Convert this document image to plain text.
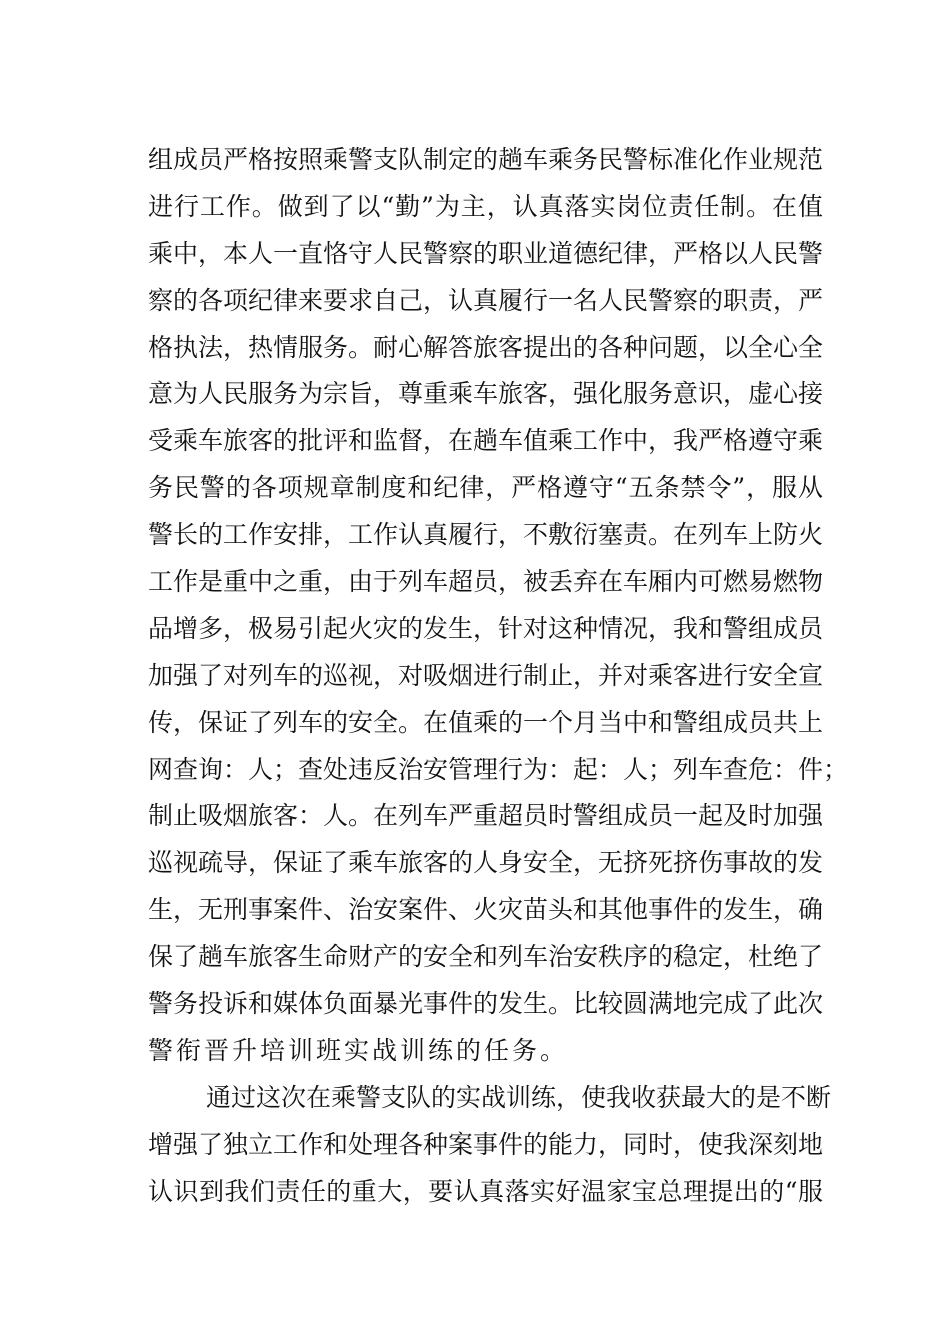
组成员严格按照乘警支队制定的趟车乘务民警标准化作业规范
进行工作。做到了以“勤”为主，认真落实岗位责任制。在值
乘中，本人一直恪守人民警察的职业道德纪律，严格以人民警
察的各项纪律来要求自己，认真履行一名人民警察的职责，严
格执法，热情服务。耐心解答旅客提出的各种问题，以全心全
意为人民服务为宗旨，尊重乘车旅客，强化服务意识，虚心接
受乘车旅客的批评和监督，在趟车值乘工作中，我严格遵守乘
务民警的各项规章制度和纪律，严格遵守“五条禁令”，服从
警长的工作安排，工作认真履行，不敷衍塞责。在列车上防火
工作是重中之重，由于列车超员，被丢弃在车厢内可燃易燃物
品增多，极易引起火灾的发生，针对这种情况，我和警组成员
加强了对列车的巡视，对吸烟进行制止，并对乘客进行安全宣
传，保证了列车的安全。在值乘的一个月当中和警组成员共上
网查询：人；查处违反治安管理行为：起：人；列车查危：件；
制止吸烟旅客：人。在列车严重超员时警组成员一起及时加强
巡视疏导，保证了乘车旅客的人身安全，无挤死挤伤事故的发
生，无刑事案件、治安案件、火灾苗头和其他事件的发生，确
保了趟车旅客生命财产的安全和列车治安秩序的稳定，杜绝了
警务投诉和媒体负面暴光事件的发生。比较圆满地完成了此次
警衔晋升培训班实战训练的任务。
通过这次在乘警支队的实战训练，使我收获最大的是不断
增强了独立工作和处理各种案事件的能力，同时，使我深刻地
认识到我们责任的重大，要认真落实好温家宝总理提出的“服
